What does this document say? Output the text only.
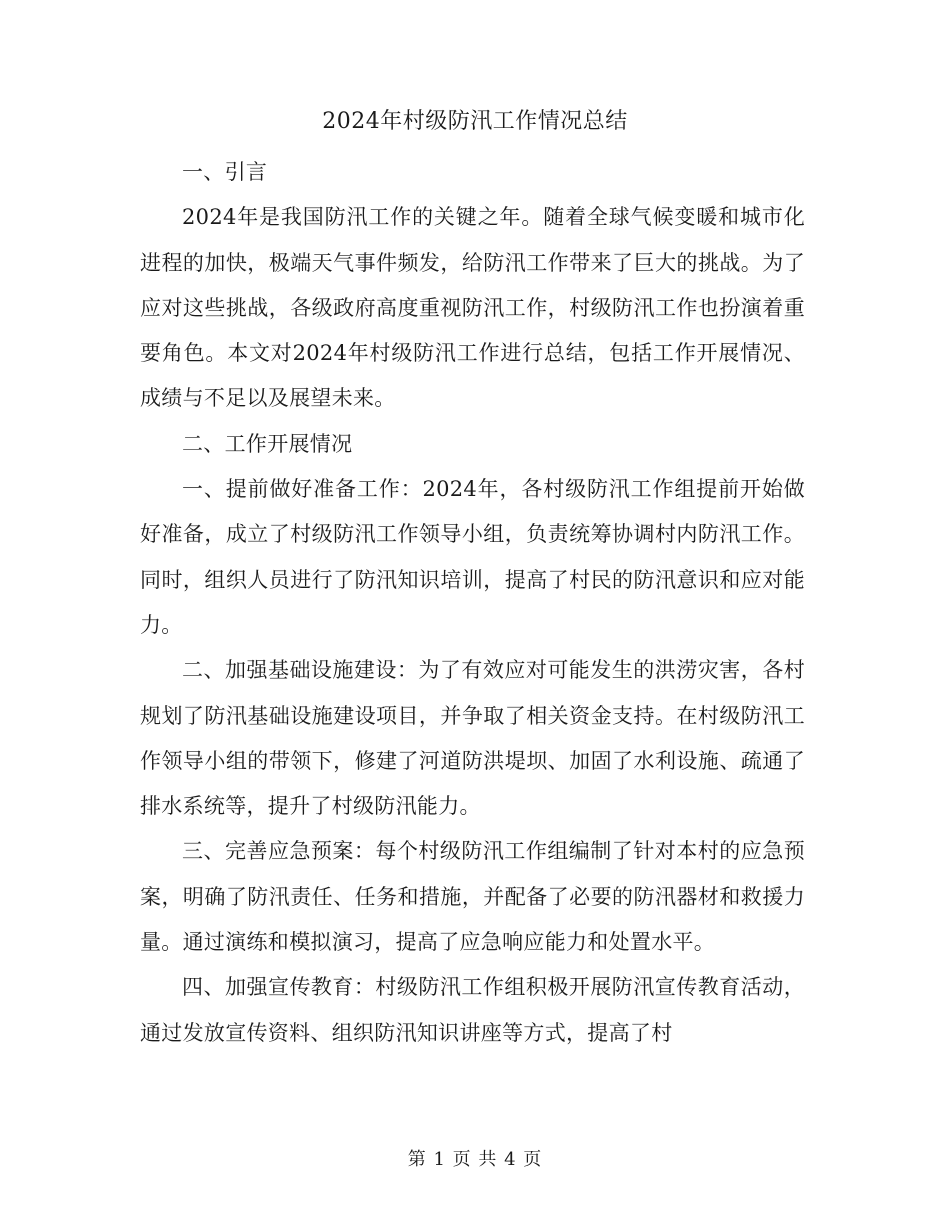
2024年村级防汛工作情况总结

一、引言

2024年是我国防汛工作的关键之年。随着全球气候变暖和城市化进程的加快，极端天气事件频发，给防汛工作带来了巨大的挑战。为了应对这些挑战，各级政府高度重视防汛工作，村级防汛工作也扮演着重要角色。本文对2024年村级防汛工作进行总结，包括工作开展情况、成绩与不足以及展望未来。

二、工作开展情况

一、提前做好准备工作：2024年，各村级防汛工作组提前开始做好准备，成立了村级防汛工作领导小组，负责统筹协调村内防汛工作。同时，组织人员进行了防汛知识培训，提高了村民的防汛意识和应对能力。

二、加强基础设施建设：为了有效应对可能发生的洪涝灾害，各村规划了防汛基础设施建设项目，并争取了相关资金支持。在村级防汛工作领导小组的带领下，修建了河道防洪堤坝、加固了水利设施、疏通了排水系统等，提升了村级防汛能力。

三、完善应急预案：每个村级防汛工作组编制了针对本村的应急预案，明确了防汛责任、任务和措施，并配备了必要的防汛器材和救援力量。通过演练和模拟演习，提高了应急响应能力和处置水平。

四、加强宣传教育：村级防汛工作组积极开展防汛宣传教育活动，通过发放宣传资料、组织防汛知识讲座等方式，提高了村

第 1 页 共 4 页
